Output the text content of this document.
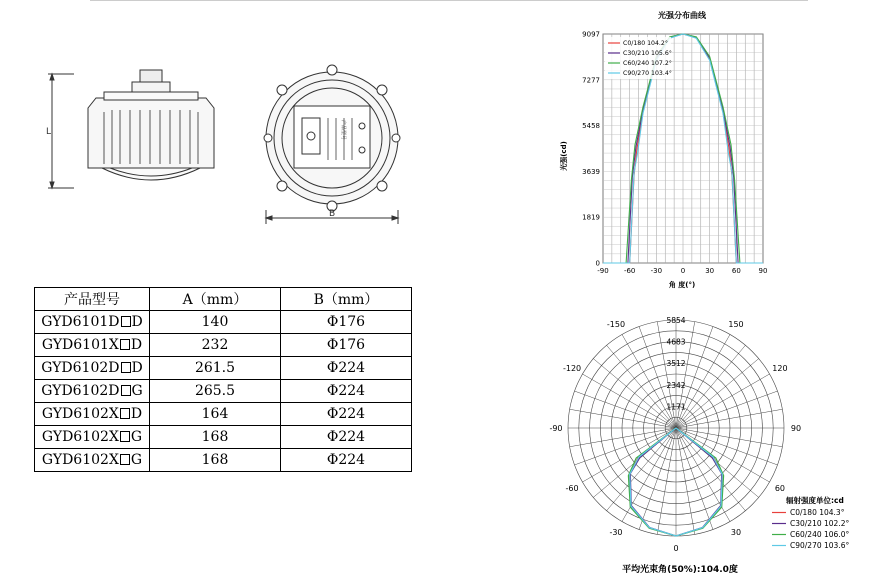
L
B
产品型号
产品型号	A（mm）	B（mm）
GYD6101D D	140	Φ176
GYD6101X D	232	Φ176
GYD6102D D	261.5	Φ224
GYD6102D G	265.5	Φ224
GYD6102X D	164	Φ224
GYD6102X G	168	Φ224
GYD6102X G	168	Φ224
光强分布曲线
0
1819
3639
5458
7277
9097
-90 -60 -30	0	30	60	90
C0/180 104.2°
C30/210 105.6°
C60/240 107.2°
C90/270 103.4°
光强(cd)
角 度(°)
-150	150
-120	120
-90	90
-60	60
-30	30
0
1171
2342
3512
4683
5854
辐射强度单位:cd
C0/180 104.3°
C30/210 102.2°
C60/240 106.0°
C90/270 103.6°
平均光束角(50%):104.0度
